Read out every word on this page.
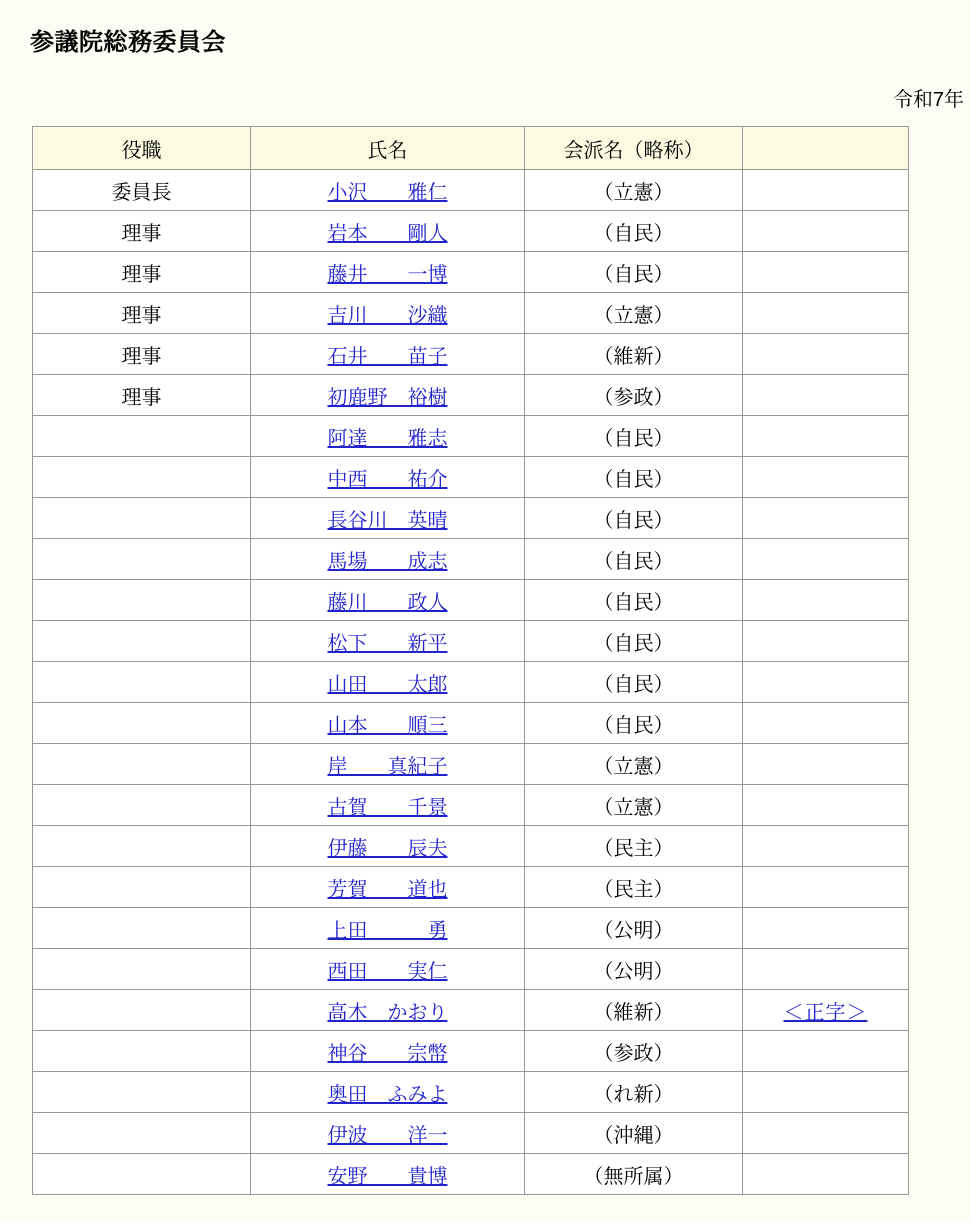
参議院総務委員会
令和7年
役職	氏名	会派名（略称）	
委員長	小沢　　雅仁	（立憲）	
理事	岩本　　剛人	（自民）	
理事	藤井　　一博	（自民）	
理事	吉川　　沙織	（立憲）	
理事	石井　　苗子	（維新）	
理事	初鹿野　裕樹	（参政）	
	阿達　　雅志	（自民）	
	中西　　祐介	（自民）	
	長谷川　英晴	（自民）	
	馬場　　成志	（自民）	
	藤川　　政人	（自民）	
	松下　　新平	（自民）	
	山田　　太郎	（自民）	
	山本　　順三	（自民）	
	岸　　真紀子	（立憲）	
	古賀　　千景	（立憲）	
	伊藤　　辰夫	（民主）	
	芳賀　　道也	（民主）	
	上田　　　勇	（公明）	
	西田　　実仁	（公明）	
	高木　かおり	（維新）	＜正字＞
	神谷　　宗幣	（参政）	
	奥田　ふみよ	（れ新）	
	伊波　　洋一	（沖縄）	
	安野　　貴博	（無所属）	
